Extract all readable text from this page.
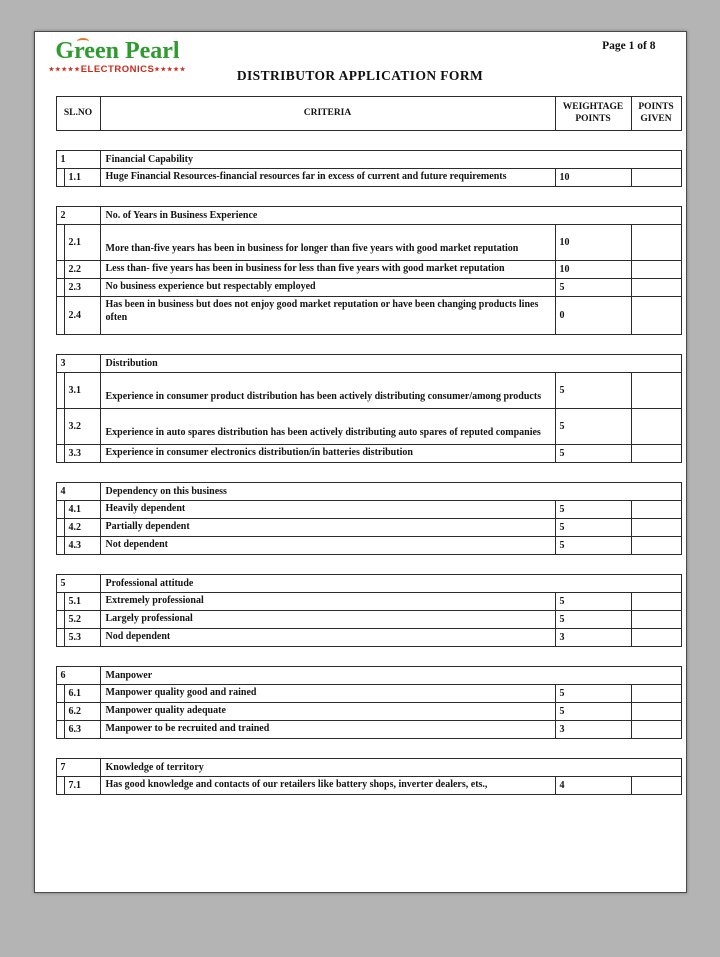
Green Pearl
★★★★★ELECTRONICS★★★★★
Page 1 of 8
DISTRIBUTOR APPLICATION FORM
SL.NO	CRITERIA	WEIGHTAGE POINTS	POINTS GIVEN
1		Financial Capability		
	1.1	Huge Financial Resources-financial resources far in excess of current and future requirements	10	
2		No. of Years in Business Experience		
	2.1	More than-five years has been in business for longer than five years with good market reputation	10	
	2.2	Less than- five years has been in business for less than five years with good market reputation	10	
	2.3	No business experience but respectably employed	5	
	2.4	Has been in business but does not enjoy good market reputation or have been changing products lines often	0	
3		Distribution		
	3.1	Experience in consumer product distribution has been actively distributing consumer/among products	5	
	3.2	Experience in auto spares distribution has been actively distributing auto spares of reputed companies	5	
	3.3	Experience in consumer electronics distribution/in batteries distribution	5	
4		Dependency on this business		
	4.1	Heavily dependent	5	
	4.2	Partially dependent	5	
	4.3	Not dependent	5	
5		Professional attitude		
	5.1	Extremely professional	5	
	5.2	Largely professional	5	
	5.3	Nod dependent	3	
6		Manpower		
	6.1	Manpower quality good and rained	5	
	6.2	Manpower quality adequate	5	
	6.3	Manpower to be recruited and trained	3	
7		Knowledge of territory		
	7.1	Has good knowledge and contacts of our retailers like battery shops, inverter dealers, ets.,	4	
